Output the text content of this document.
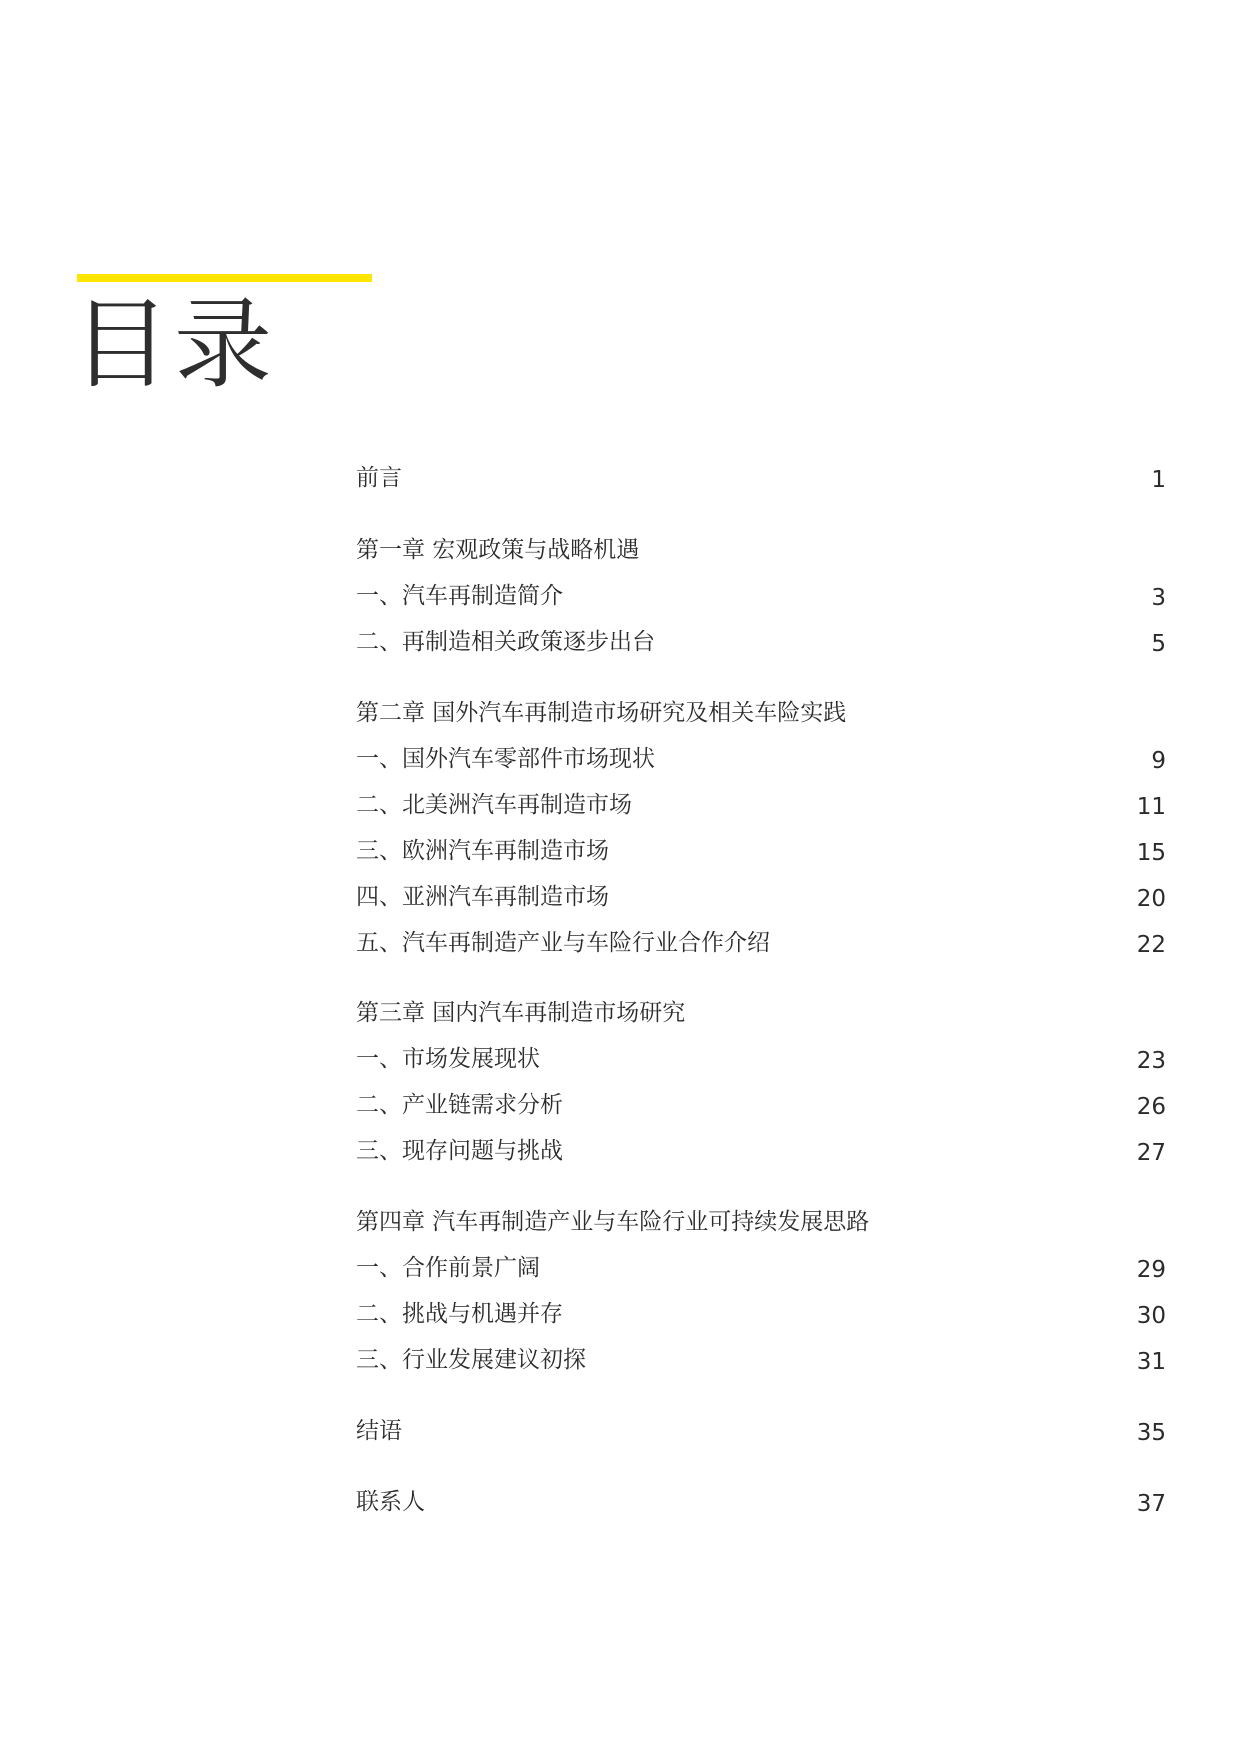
目录
前言	1
第一章 宏观政策与战略机遇
一、汽车再制造简介	3
二、再制造相关政策逐步出台	5
第二章 国外汽车再制造市场研究及相关车险实践
一、国外汽车零部件市场现状	9
二、北美洲汽车再制造市场	11
三、欧洲汽车再制造市场	15
四、亚洲汽车再制造市场	20
五、汽车再制造产业与车险行业合作介绍	22
第三章 国内汽车再制造市场研究
一、市场发展现状	23
二、产业链需求分析	26
三、现存问题与挑战	27
第四章 汽车再制造产业与车险行业可持续发展思路
一、合作前景广阔	29
二、挑战与机遇并存	30
三、行业发展建议初探	31
结语	35
联系人	37
